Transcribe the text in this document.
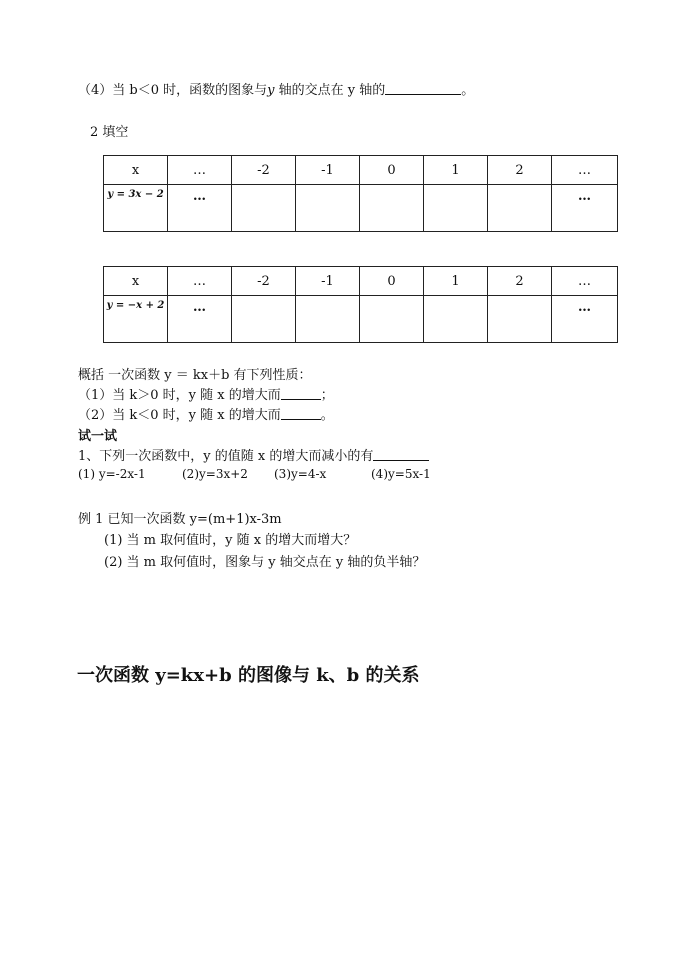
（4）当 b＜0 时，函数的图象与y 轴的交点在 y 轴的	。
2 填空
x	…	-2	-1	0	1	2	…
y = 3x − 2	…						…
x	…	-2	-1	0	1	2	…
y = −x + 2	…						…
概括 一次函数 y ＝ kx＋b 有下列性质：
（1）当 k＞0 时，y 随 x 的增大而	；
（2）当 k＜0 时，y 随 x 的增大而	。
试一试
1、下列一次函数中，y 的值随 x 的增大而减小的有
(1) y=-2x-1	(2)y=3x+2 (3)y=4-x	(4)y=5x-1
例 1 已知一次函数 y=(m+1)x-3m
(1) 当 m 取何值时，y 随 x 的增大而增大？
(2) 当 m 取何值时，图象与 y 轴交点在 y 轴的负半轴？
一次函数 y=kx+b 的图像与 k、b 的关系
